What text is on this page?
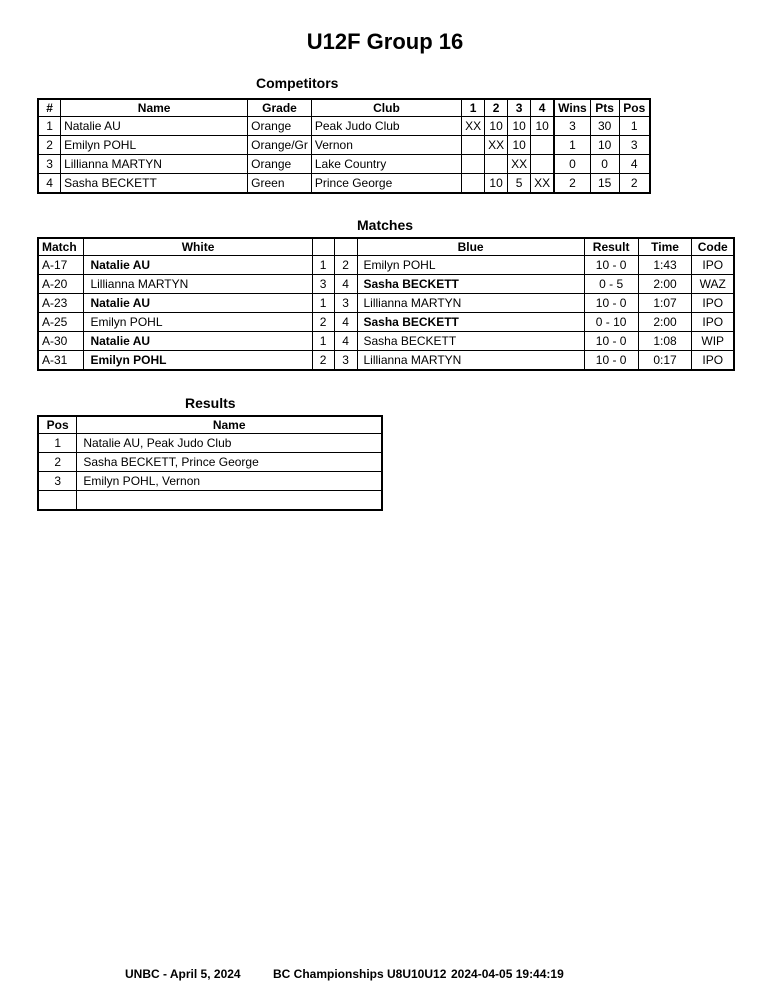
U12F Group 16
Competitors
#	Name	Grade	Club	1	2	3	4	Wins	Pts	Pos
1	Natalie AU	Orange	Peak Judo Club	XX	10	10	10	3	30	1
2	Emilyn POHL	Orange/Gr	Vernon		XX	10		1	10	3
3	Lillianna MARTYN	Orange	Lake Country			XX		0	0	4
4	Sasha BECKETT	Green	Prince George		10	5	XX	2	15	2
Matches
Match	White			Blue	Result	Time	Code
A-17	Natalie AU	1	2	Emilyn POHL	10 - 0	1:43	IPO
A-20	Lillianna MARTYN	3	4	Sasha BECKETT	0 - 5	2:00	WAZ
A-23	Natalie AU	1	3	Lillianna MARTYN	10 - 0	1:07	IPO
A-25	Emilyn POHL	2	4	Sasha BECKETT	0 - 10	2:00	IPO
A-30	Natalie AU	1	4	Sasha BECKETT	10 - 0	1:08	WIP
A-31	Emilyn POHL	2	3	Lillianna MARTYN	10 - 0	0:17	IPO
Results
Pos	Name
1	Natalie AU, Peak Judo Club
2	Sasha BECKETT, Prince George
3	Emilyn POHL, Vernon

UNBC - April 5, 2024	BC Championships U8U10U12 2024-04-05 19:44:19
